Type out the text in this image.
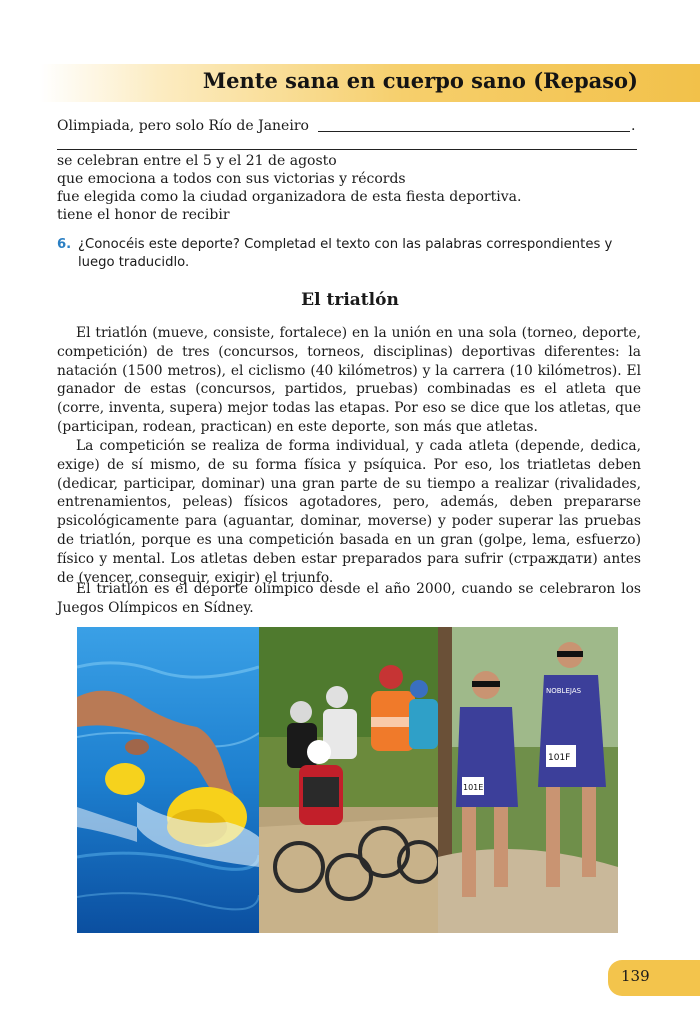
Mente sana en cuerpo sano (Repaso)
Olimpiada, pero solo Río de Janeiro	.
se celebran entre el 5 y el 21 de agosto
que emociona a todos con sus victorias y récords
fue elegida como la ciudad organizadora de esta fiesta deportiva.
tiene el honor de recibir
6. ¿Conocéis este deporte? Completad el texto con las palabras correspondientes y luego traducidlo.
El triatlón

El triatlón (mueve, consiste, fortalece) en la unión en una sola (torneo, deporte, competición) de tres (concursos, torneos, disciplinas) deportivas diferentes: la natación (1500 metros), el ciclismo (40 kilómetros) y la carrera (10 kilómetros). El ganador de estas (concursos, partidos, pruebas) combinadas es el atleta que (corre, inventa, supera) mejor todas las etapas. Por eso se dice que los atletas, que (participan, rodean, practican) en este deporte, son más que atletas.

La competición se realiza de forma individual, y cada atleta (depende, dedica, exige) de sí mismo, de su forma física y psíquica. Por eso, los triatletas deben (dedicar, participar, dominar) una gran parte de su tiempo a realizar (rivalidades, entrenamientos, peleas) físicos agotadores, pero, además, deben prepararse psicológicamente para (aguantar, dominar, moverse) y poder superar las pruebas de triatlón, porque es una competición basada en un gran (golpe, lema, esfuerzo) físico y mental. Los atletas deben estar preparados para sufrir (страждати) antes de (vencer, conseguir, exigir) el triunfo.

El triatlón es el deporte olímpico desde el año 2000, cuando se celebraron los Juegos Olímpicos en Sídney.

101E
NOBLEJAS
101F
139
